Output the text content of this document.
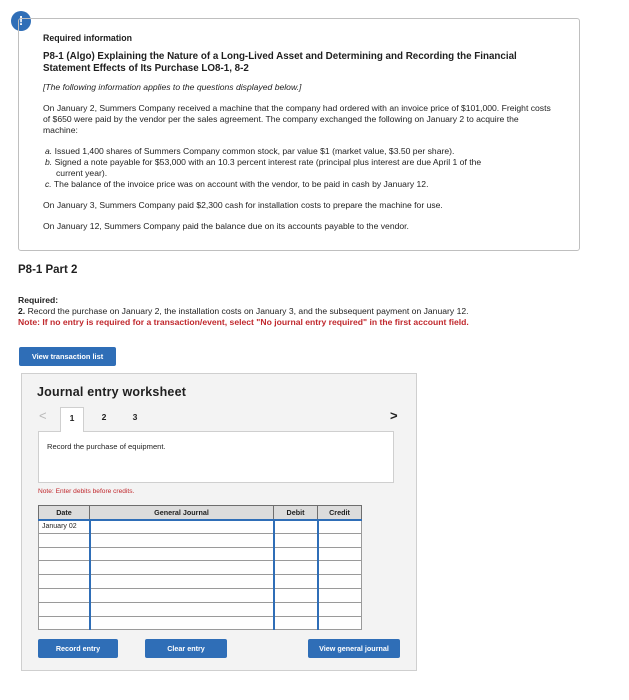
!
Required information
P8-1 (Algo) Explaining the Nature of a Long-Lived Asset and Determining and Recording the Financial Statement Effects of Its Purchase LO8-1, 8-2
[The following information applies to the questions displayed below.]

On January 2, Summers Company received a machine that the company had ordered with an invoice price of $101,000. Freight costs of $650 were paid by the vendor per the sales agreement. The company exchanged the following on January 2 to acquire the machine:

a. Issued 1,400 shares of Summers Company common stock, par value $1 (market value, $3.50 per share).
b. Signed a note payable for $53,000 with an 10.3 percent interest rate (principal plus interest are due April 1 of the
current year).
c. The balance of the invoice price was on account with the vendor, to be paid in cash by January 12.

On January 3, Summers Company paid $2,300 cash for installation costs to prepare the machine for use.

On January 12, Summers Company paid the balance due on its accounts payable to the vendor.

P8-1 Part 2
Required:
2. Record the purchase on January 2, the installation costs on January 3, and the subsequent payment on January 12.
Note: If no entry is required for a transaction/event, select "No journal entry required" in the first account field.
View transaction list
Journal entry worksheet
<	1	2	3	>
Record the purchase of equipment.
Note: Enter debits before credits.
Date	General Journal	Debit	Credit
January 02			

Record entry	Clear entry	View general journal
